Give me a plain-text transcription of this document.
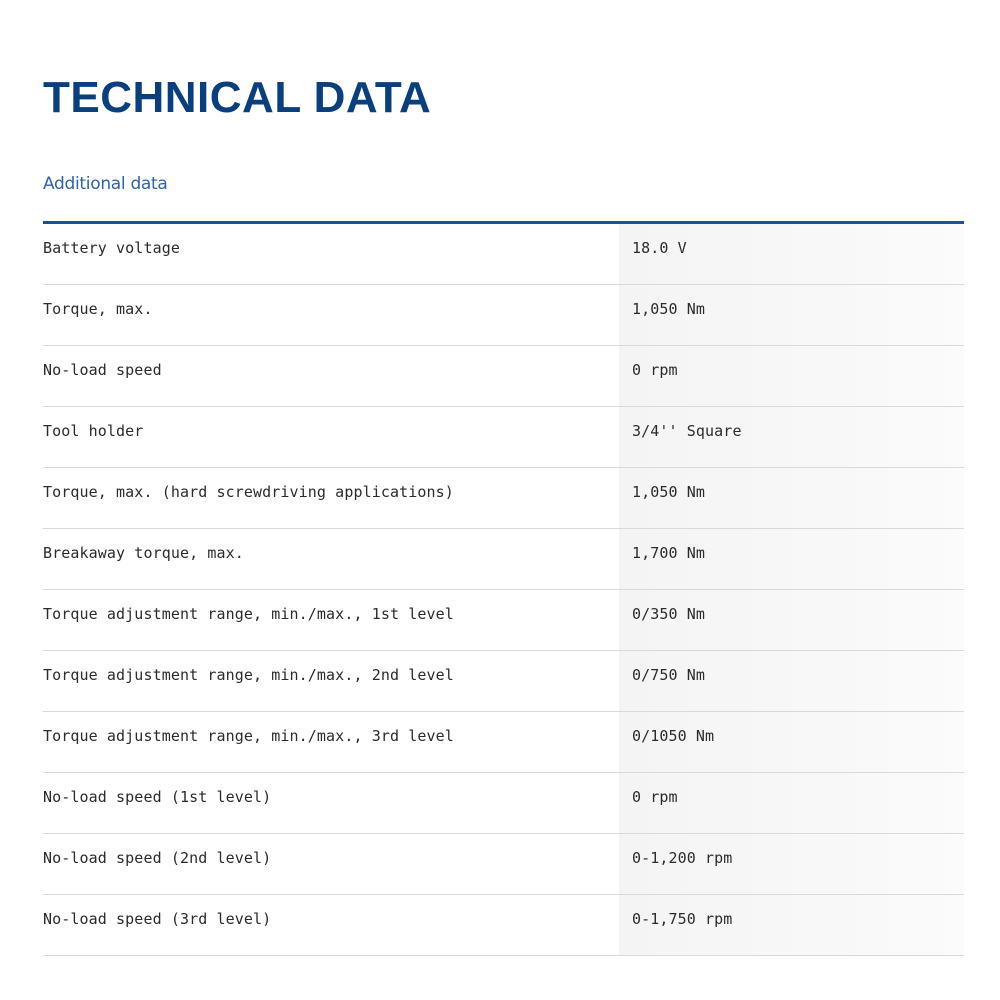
TECHNICAL DATA
Additional data
Battery voltage	18.0 V
Torque, max.	1,050 Nm
No-load speed	0 rpm
Tool holder	3/4'' Square
Torque, max. (hard screwdriving applications)	1,050 Nm
Breakaway torque, max.	1,700 Nm
Torque adjustment range, min./max., 1st level	0/350 Nm
Torque adjustment range, min./max., 2nd level	0/750 Nm
Torque adjustment range, min./max., 3rd level	0/1050 Nm
No-load speed (1st level)	0 rpm
No-load speed (2nd level)	0-1,200 rpm
No-load speed (3rd level)	0-1,750 rpm
